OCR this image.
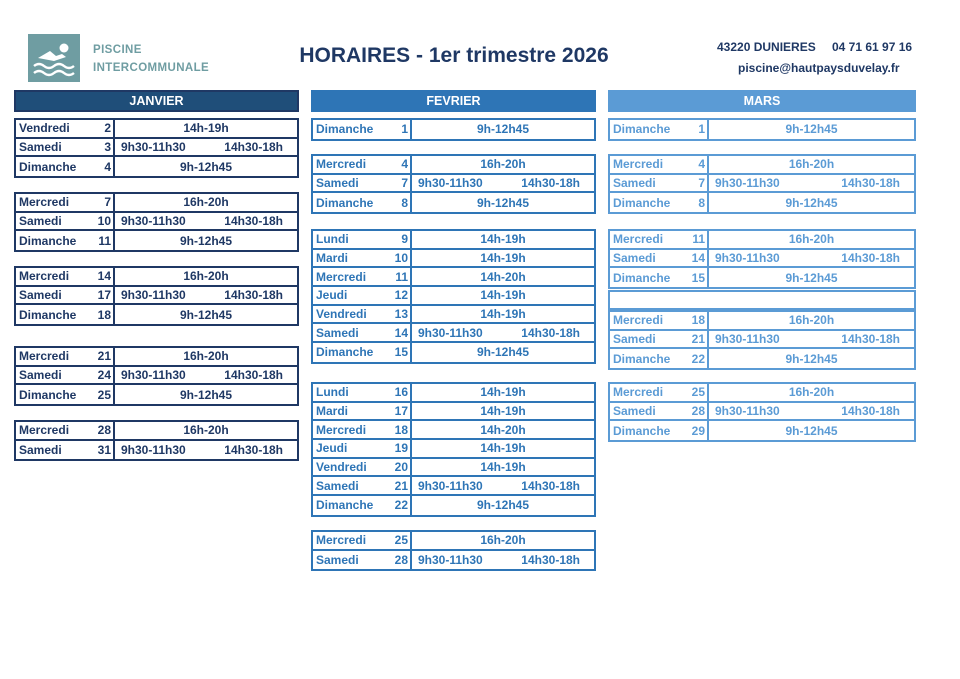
PISCINE
INTERCOMMUNALE
HORAIRES - 1er trimestre 2026	43220 DUNIERES 04 71 61 97 16
piscine@hautpaysduvelay.fr
JANVIER
Vendredi	2	14h-19h
Samedi	3 9h30-11h30	14h30-18h
Dimanche 4	9h-12h45
Mercredi	7	16h-20h
Samedi	10 9h30-11h30	14h30-18h
Dimanche 11	9h-12h45
Mercredi 14	16h-20h
Samedi	17 9h30-11h30	14h30-18h
Dimanche 18	9h-12h45
Mercredi 21	16h-20h
Samedi	24 9h30-11h30	14h30-18h
Dimanche 25	9h-12h45
Mercredi 28	16h-20h
Samedi	31 9h30-11h30	14h30-18h
FEVRIER
Dimanche 1	9h-12h45
Mercredi	4	16h-20h
Samedi	7 9h30-11h30	14h30-18h
Dimanche 8	9h-12h45
Lundi	9	14h-19h
Mardi	10	14h-19h
Mercredi 11	14h-20h
Jeudi	12	14h-19h
Vendredi 13	14h-19h
Samedi	14 9h30-11h30	14h30-18h
Dimanche 15	9h-12h45
Lundi	16	14h-19h
Mardi	17	14h-19h
Mercredi 18	14h-20h
Jeudi	19	14h-19h
Vendredi 20	14h-19h
Samedi	21 9h30-11h30	14h30-18h
Dimanche 22	9h-12h45
Mercredi 25	16h-20h
Samedi	28 9h30-11h30	14h30-18h
MARS
Dimanche 1	9h-12h45
Mercredi	4	16h-20h
Samedi	7 9h30-11h30	14h30-18h
Dimanche 8	9h-12h45
Mercredi 11	16h-20h
Samedi	14 9h30-11h30	14h30-18h
Dimanche 15	9h-12h45
Mercredi 18	16h-20h
Samedi	21 9h30-11h30	14h30-18h
Dimanche 22	9h-12h45
Mercredi 25	16h-20h
Samedi	28 9h30-11h30	14h30-18h
Dimanche 29	9h-12h45
